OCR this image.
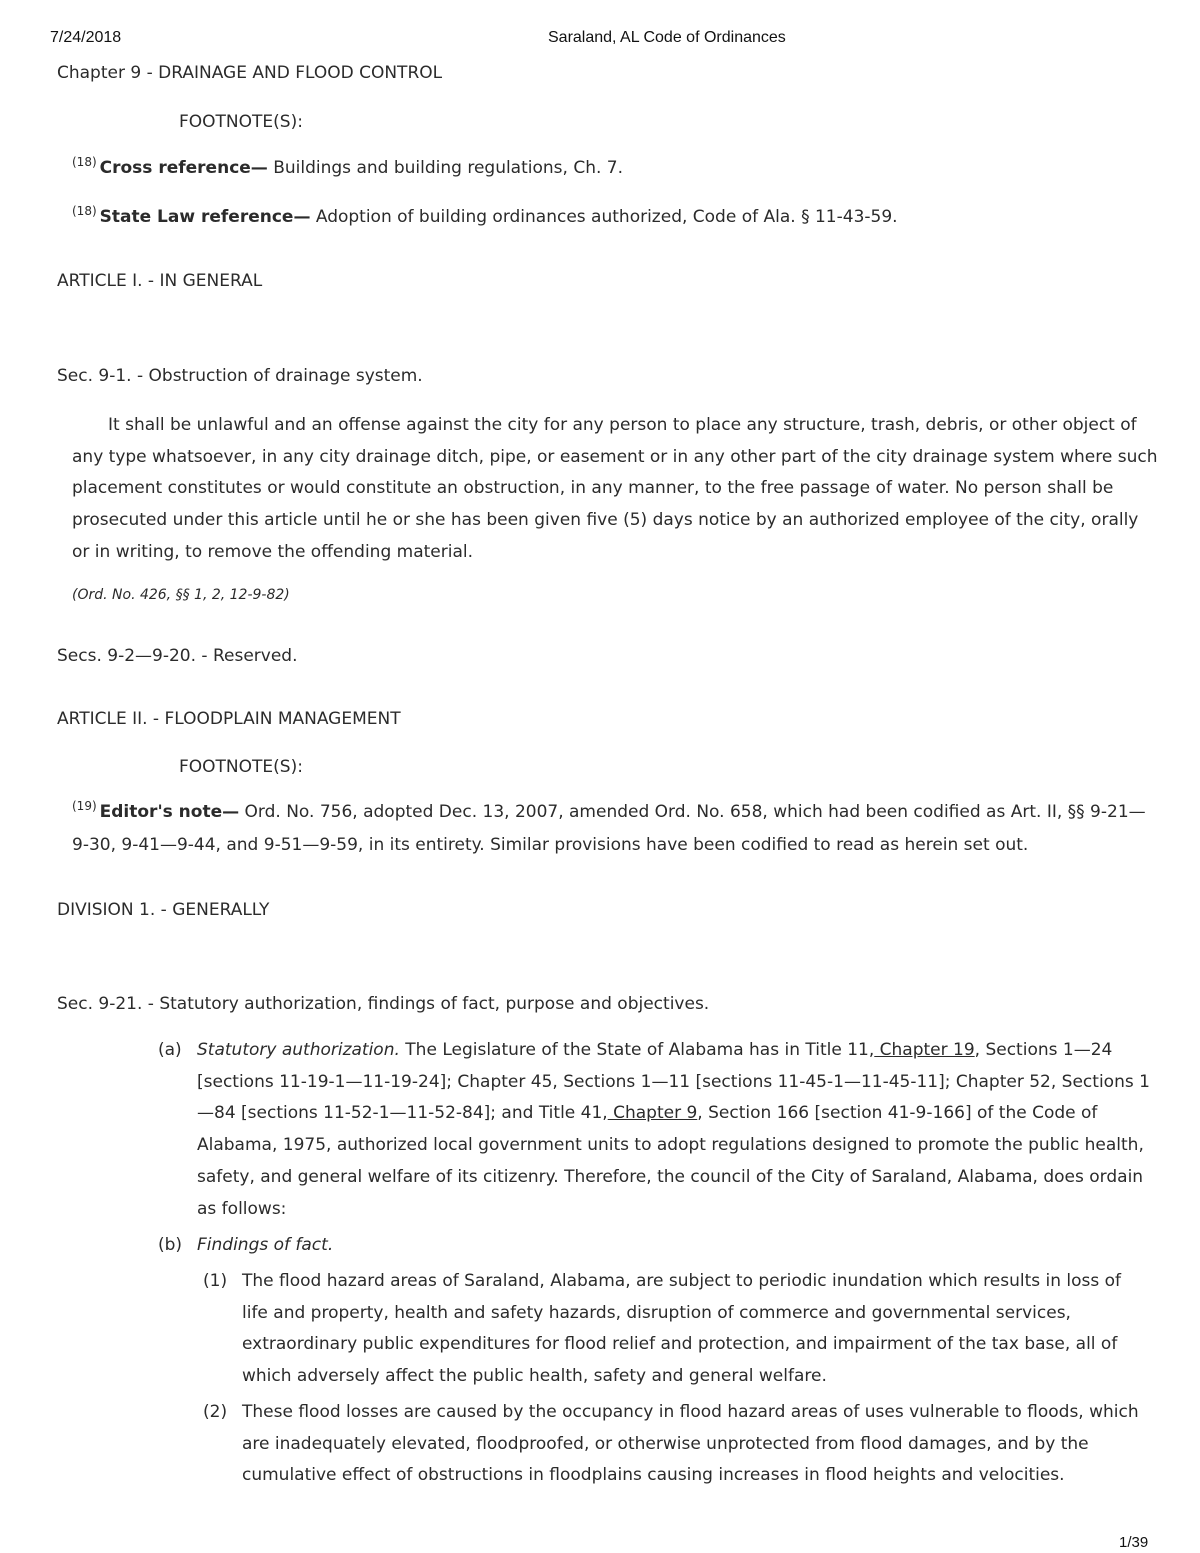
7/24/2018	Saraland, AL Code of Ordinances
Chapter 9 - DRAINAGE AND FLOOD CONTROL
FOOTNOTE(S):
$^{(18)}$ Cross reference— Buildings and building regulations, Ch. 7.
$^{(18)}$ State Law reference— Adoption of building ordinances authorized, Code of Ala. § 11-43-59.
ARTICLE I. - IN GENERAL
Sec. 9-1. - Obstruction of drainage system.
It shall be unlawful and an offense against the city for any person to place any structure, trash, debris, or other object of
any type whatsoever, in any city drainage ditch, pipe, or easement or in any other part of the city drainage system where such
placement constitutes or would constitute an obstruction, in any manner, to the free passage of water. No person shall be
prosecuted under this article until he or she has been given five (5) days notice by an authorized employee of the city, orally
or in writing, to remove the offending material.
(Ord. No. 426, §§ 1, 2, 12-9-82)
Secs. 9-2—9-20. - Reserved.
ARTICLE II. - FLOODPLAIN MANAGEMENT
FOOTNOTE(S):
$^{(19)}$ Editor's note— Ord. No. 756, adopted Dec. 13, 2007, amended Ord. No. 658, which had been codified as Art. II, §§ 9-21—
9-30, 9-41—9-44, and 9-51—9-59, in its entirety. Similar provisions have been codified to read as herein set out.
DIVISION 1. - GENERALLY
Sec. 9-21. - Statutory authorization, findings of fact, purpose and objectives.
(a) Statutory authorization. The Legislature of the State of Alabama has in Title 11, Chapter 19, Sections 1—24
[sections 11-19-1—11-19-24]; Chapter 45, Sections 1—11 [sections 11-45-1—11-45-11]; Chapter 52, Sections 1
—84 [sections 11-52-1—11-52-84]; and Title 41, Chapter 9, Section 166 [section 41-9-166] of the Code of
Alabama, 1975, authorized local government units to adopt regulations designed to promote the public health,
safety, and general welfare of its citizenry. Therefore, the council of the City of Saraland, Alabama, does ordain
as follows:
(b) Findings of fact.
(1) The flood hazard areas of Saraland, Alabama, are subject to periodic inundation which results in loss of
life and property, health and safety hazards, disruption of commerce and governmental services,
extraordinary public expenditures for flood relief and protection, and impairment of the tax base, all of
which adversely affect the public health, safety and general welfare.
(2) These flood losses are caused by the occupancy in flood hazard areas of uses vulnerable to floods, which
are inadequately elevated, floodproofed, or otherwise unprotected from flood damages, and by the
cumulative effect of obstructions in floodplains causing increases in flood heights and velocities.
1/39
